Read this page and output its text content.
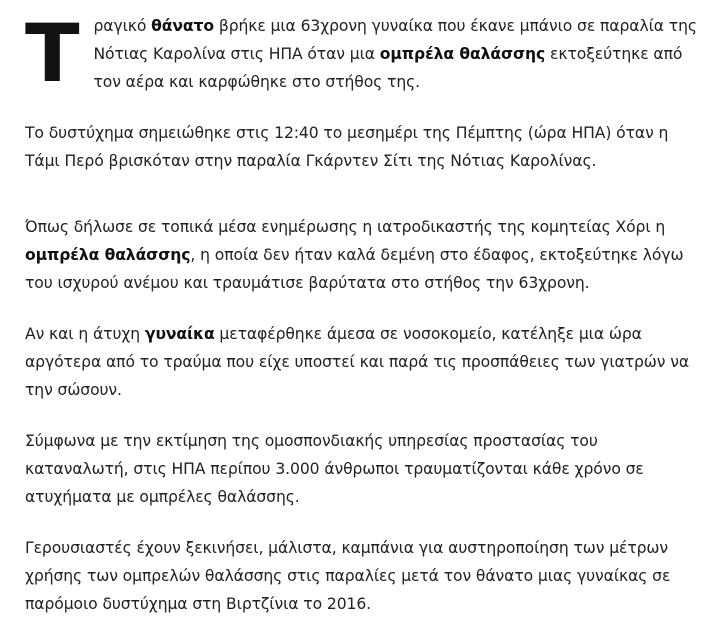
Τραγικό θάνατο βρήκε μια 63χρονη γυναίκα που έκανε μπάνιο σε παραλία της Νότιας Καρολίνα στις ΗΠΑ όταν μια ομπρέλα θαλάσσης εκτοξεύτηκε από τον αέρα και καρφώθηκε στο στήθος της.

Το δυστύχημα σημειώθηκε στις 12:40 το μεσημέρι της Πέμπτης (ώρα ΗΠΑ) όταν η Τάμι Περό βρισκόταν στην παραλία Γκάρντεν Σίτι της Νότιας Καρολίνας.

Όπως δήλωσε σε τοπικά μέσα ενημέρωσης η ιατροδικαστής της κομητείας Χόρι η ομπρέλα θαλάσσης, η οποία δεν ήταν καλά δεμένη στο έδαφος, εκτοξεύτηκε λόγω του ισχυρού ανέμου και τραυμάτισε βαρύτατα στο στήθος την 63χρονη.

Αν και η άτυχη γυναίκα μεταφέρθηκε άμεσα σε νοσοκομείο, κατέληξε μια ώρα αργότερα από το τραύμα που είχε υποστεί και παρά τις προσπάθειες των γιατρών να την σώσουν.

Σύμφωνα με την εκτίμηση της ομοσπονδιακής υπηρεσίας προστασίας του καταναλωτή, στις ΗΠΑ περίπου 3.000 άνθρωποι τραυματίζονται κάθε χρόνο σε ατυχήματα με ομπρέλες θαλάσσης.

Γερουσιαστές έχουν ξεκινήσει, μάλιστα, καμπάνια για αυστηροποίηση των μέτρων χρήσης των ομπρελών θαλάσσης στις παραλίες μετά τον θάνατο μιας γυναίκας σε παρόμοιο δυστύχημα στη Βιρτζίνια το 2016.
